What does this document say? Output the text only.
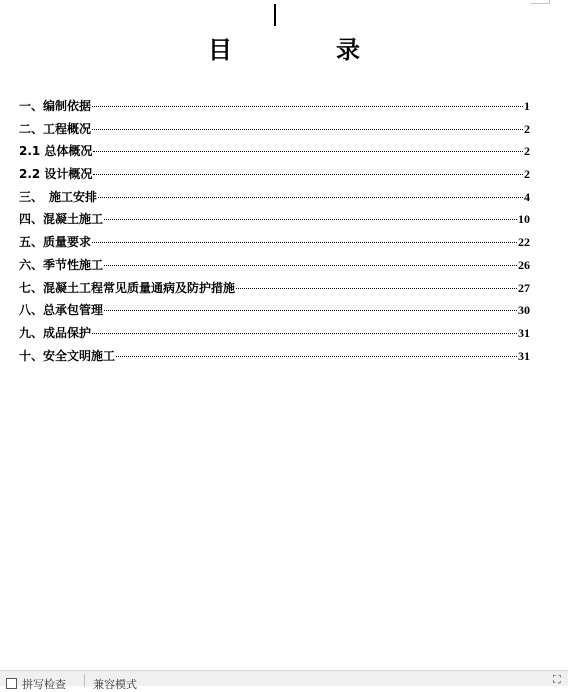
目　录
一、编制依据	1
二、工程概况	2
2.1 总体概况	2
2.2 设计概况	2
三、　施工安排	4
四、混凝土施工	10
五、质量要求	22
六、季节性施工	26
七、混凝土工程常见质量通病及防护措施	27
八、总承包管理	30
九、成品保护	31
十、安全文明施工	31
拼写检查 兼容模式	⛶
